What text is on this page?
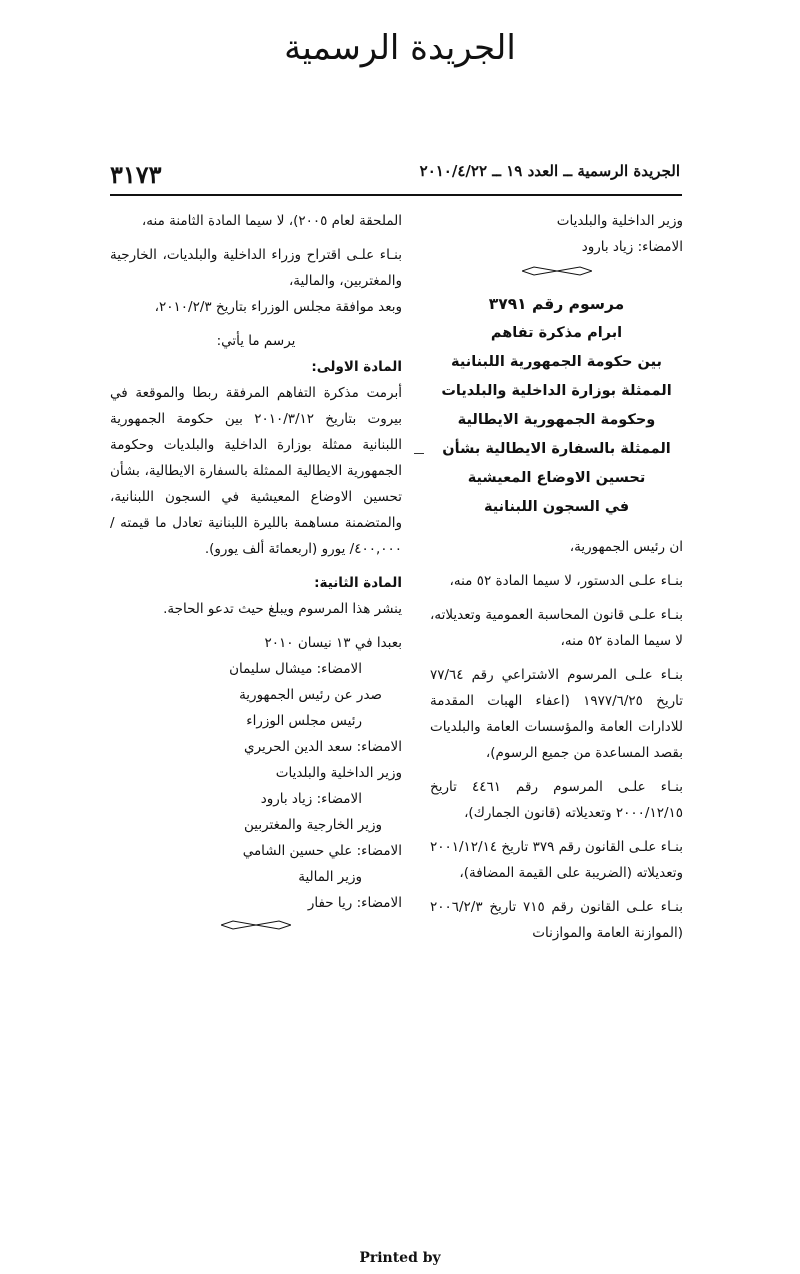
الجريدة الرسمية
الجريدة الرسمية ــ العدد ١٩ ــ ٢٠١٠/٤/٢٢
٣١٧٣

وزير الداخلية والبلديات

الامضاء: زياد بارود

مرسوم رقم ٣٧٩١
ابرام مذكرة تفاهم
بين حكومة الجمهورية اللبنانية
الممثلة بوزارة الداخلية والبلديات
وحكومة الجمهورية الايطالية
الممثلة بالسفارة الايطالية بشأن
تحسين الاوضاع المعيشية
في السجون اللبنانية

ان رئيس الجمهورية،

بنـاء علـى الدستور، لا سيما المادة ٥٢ منه،

بنـاء علـى قانون المحاسبة العمومية وتعديلاته، لا سيما المادة ٥٢ منه،

بنـاء علـى المرسوم الاشتراعي رقم ٧٧/٦٤ تاريخ ١٩٧٧/٦/٢٥ (اعفاء الهبات المقدمة للادارات العامة والمؤسسات العامة والبلديات بقصد المساعدة من جميع الرسوم)،

بنـاء علـى المرسوم رقم ٤٤٦١ تاريخ ٢٠٠٠/١٢/١٥ وتعديلاته (قانون الجمارك)،

بنـاء علـى القانون رقم ٣٧٩ تاريخ ٢٠٠١/١٢/١٤ وتعديلاته (الضريبة على القيمة المضافة)،

بنـاء علـى القانون رقم ٧١٥ تاريخ ٢٠٠٦/٢/٣ (الموازنة العامة والموازنات

الملحقة لعام ٢٠٠٥)، لا سيما المادة الثامنة منه،

بنـاء علـى اقتراح وزراء الداخلية والبلديات، الخارجية والمغتربين، والمالية،

وبعد موافقة مجلس الوزراء بتاريخ ٢٠١٠/٢/٣،

يرسم ما يأتي:

المادة الاولى:

أبرمت مذكرة التفاهم المرفقة ربطا والموقعة في بيروت بتاريخ ٢٠١٠/٣/١٢ بين حكومة الجمهورية اللبنانية ممثلة بوزارة الداخلية والبلديات وحكومة الجمهورية الايطالية الممثلة بالسفارة الايطالية، بشأن تحسين الاوضاع المعيشية في السجون اللبنانية، والمتضمنة مساهمة بالليرة اللبنانية تعادل ما قيمته /٤٠٠,٠٠٠/ يورو (اربعمائة ألف يورو).

المادة الثانية:

ينشر هذا المرسوم ويبلغ حيث تدعو الحاجة.

بعبدا في ١٣ نيسان ٢٠١٠

الامضاء: ميشال سليمان

صدر عن رئيس الجمهورية

رئيس مجلس الوزراء

الامضاء: سعد الدين الحريري

وزير الداخلية والبلديات

الامضاء: زياد بارود

وزير الخارجية والمغتربين

الامضاء: علي حسين الشامي

وزير المالية

الامضاء: ريا حفار

Printed by
